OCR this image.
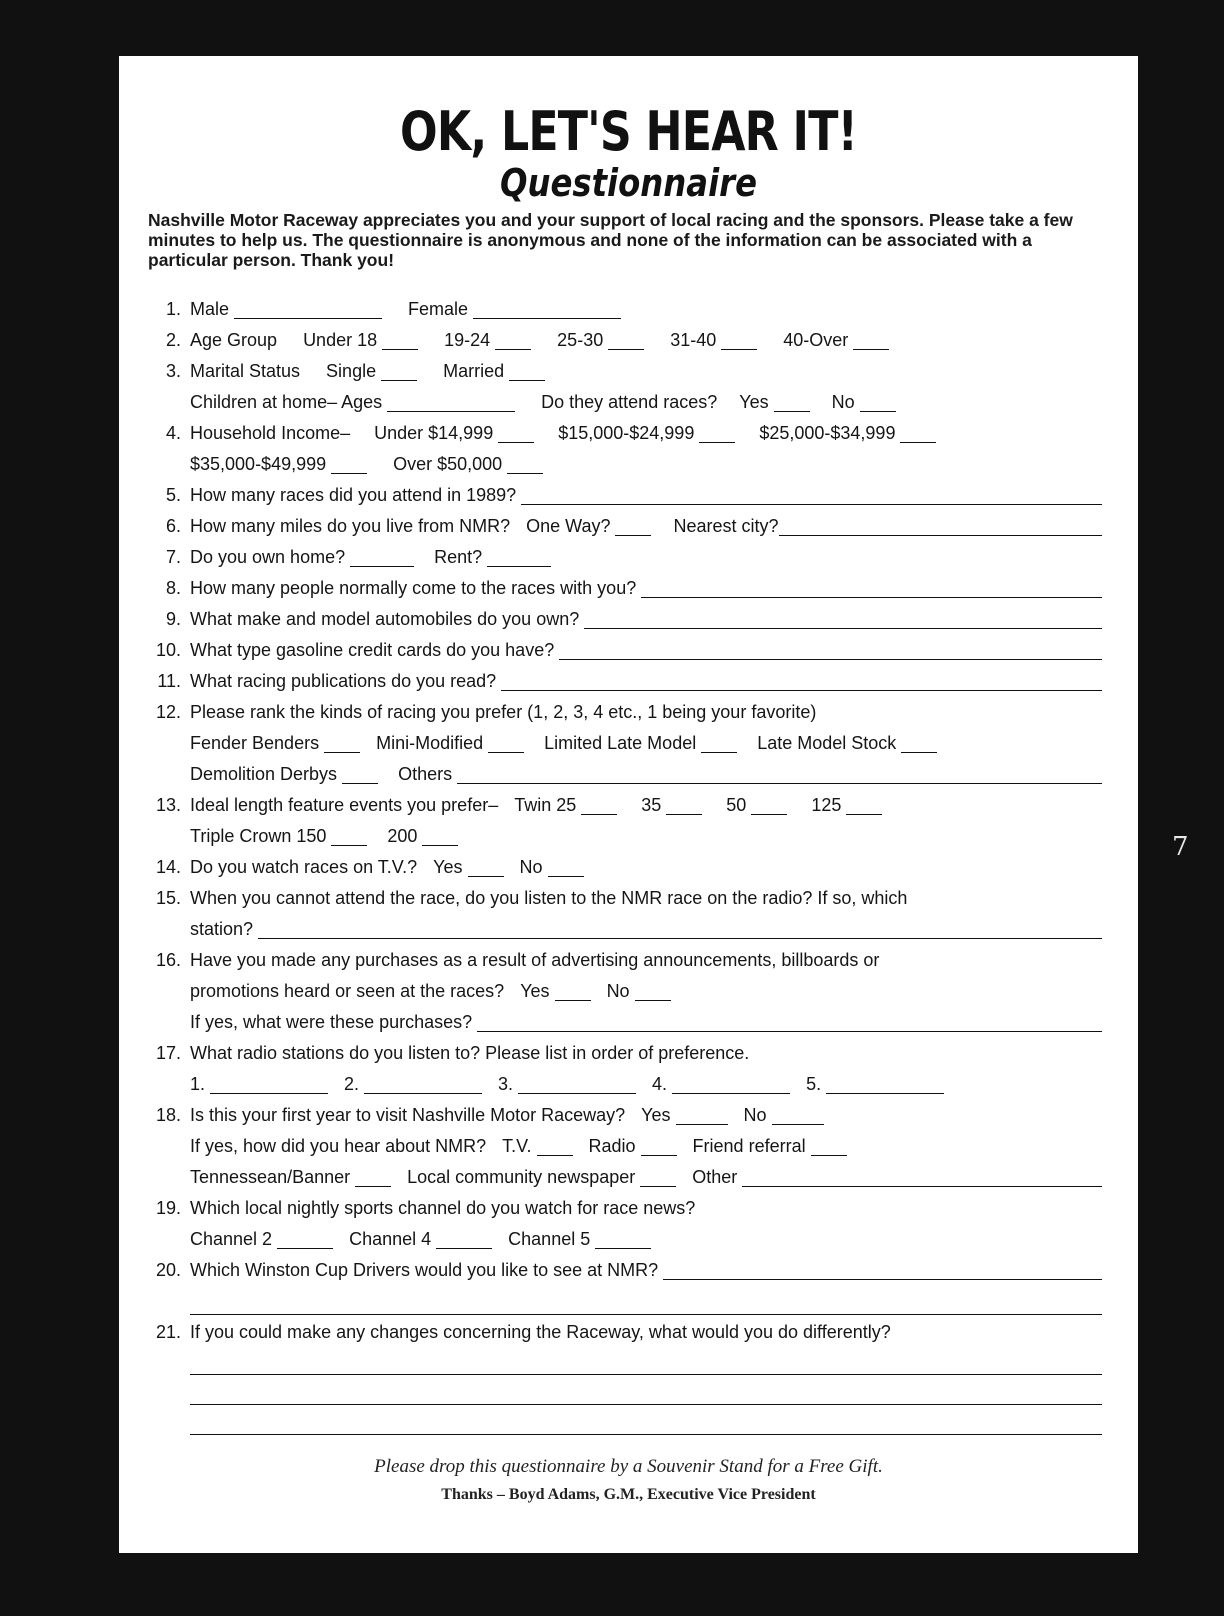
7
OK, LET'S HEAR IT!
Questionnaire
Nashville Motor Raceway appreciates you and your support of local racing and the sponsors. Please take a few minutes to help us. The questionnaire is anonymous and none of the information can be associated with a particular person. Thank you!
1. Male	Female
2. Age Group Under 18	19-24	25-30	31-40	40-Over
3. Marital Status Single	Married
Children at home– Ages	Do they attend races? Yes	No
4. Household Income– Under $14,999	$15,000-$24,999	$25,000-$34,999
$35,000-$49,999	Over $50,000
5. How many races did you attend in 1989?
6. How many miles do you live from NMR? One Way?	Nearest city?
7. Do you own home?	Rent?
8. How many people normally come to the races with you?
9. What make and model automobiles do you own?
10. What type gasoline credit cards do you have?
11. What racing publications do you read?
12. Please rank the kinds of racing you prefer (1, 2, 3, 4 etc., 1 being your favorite)
Fender Benders	Mini-Modified	Limited Late Model	Late Model Stock
Demolition Derbys	Others
13. Ideal length feature events you prefer– Twin 25	35	50	125
Triple Crown 150	200
14. Do you watch races on T.V.? Yes	No
15. When you cannot attend the race, do you listen to the NMR race on the radio? If so, which
station?
16. Have you made any purchases as a result of advertising announcements, billboards or
promotions heard or seen at the races? Yes	No
If yes, what were these purchases?
17. What radio stations do you listen to? Please list in order of preference.
1.	2.	3.	4.	5.
18. Is this your first year to visit Nashville Motor Raceway? Yes	No
If yes, how did you hear about NMR? T.V.	Radio	Friend referral
Tennessean/Banner	Local community newspaper	Other
19. Which local nightly sports channel do you watch for race news?
Channel 2	Channel 4	Channel 5
20. Which Winston Cup Drivers would you like to see at NMR?
21. If you could make any changes concerning the Raceway, what would you do differently?
Please drop this questionnaire by a Souvenir Stand for a Free Gift.
Thanks – Boyd Adams, G.M., Executive Vice President
